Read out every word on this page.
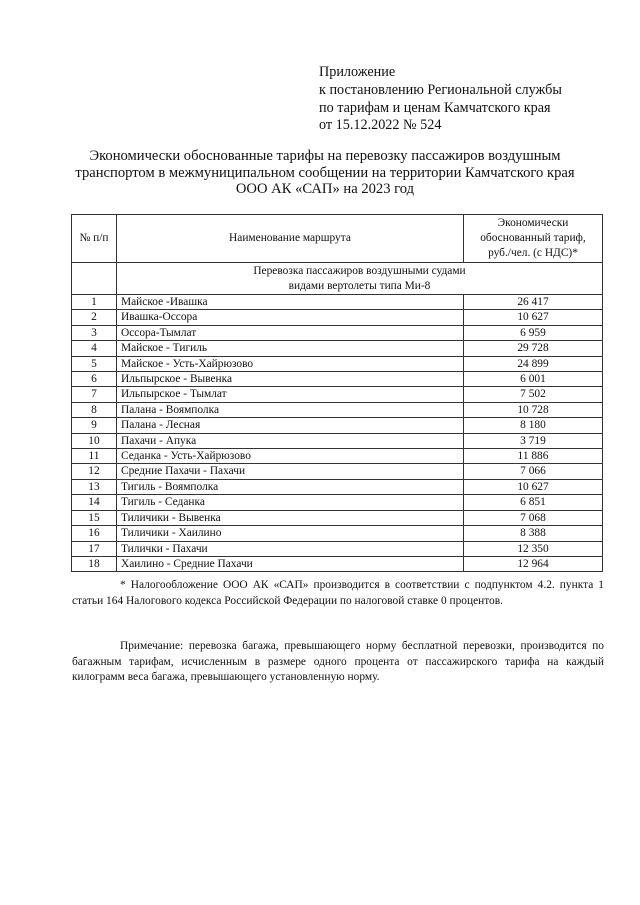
Приложение
к постановлению Региональной службы
по тарифам и ценам Камчатского края
от 15.12.2022 № 524
Экономически обоснованные тарифы на перевозку пассажиров воздушным
транспортом в межмуниципальном сообщении на территории Камчатского края
ООО АК «САП» на 2023 год
№ п/п	Наименование маршрута	Экономически
обоснованный тариф,
руб./чел. (с НДС)*

	Перевозка пассажиров воздушными судами
видами вертолеты типа Ми-8	

1	Майское -Ивашка	26 417
2	Ивашка-Оссора	10 627
3	Оссора-Тымлат	6 959
4	Майское - Тигиль	29 728
5	Майское - Усть-Хайрюзово	24 899
6	Ильпырское - Вывенка	6 001
7	Ильпырское - Тымлат	7 502
8	Палана - Воямполка	10 728
9	Палана - Лесная	8 180
10	Пахачи - Апука	3 719
11	Седанка - Усть-Хайрюзово	11 886
12	Средние Пахачи - Пахачи	7 066
13	Тигиль - Воямполка	10 627
14	Тигиль - Седанка	6 851
15	Тиличики - Вывенка	7 068
16	Тиличики - Хаилино	8 388
17	Тилички - Пахачи	12 350
18	Хаилино - Средние Пахачи	12 964
* Налогообложение ООО АК «САП» производится в соответствии с подпунктом 4.2. пункта 1 статьи 164 Налогового кодекса Российской Федерации по налоговой ставке 0 процентов.
Примечание: перевозка багажа, превышающего норму бесплатной перевозки, производится по багажным тарифам, исчисленным в размере одного процента от пассажирского тарифа на каждый килограмм веса багажа, превышающего установленную норму.
